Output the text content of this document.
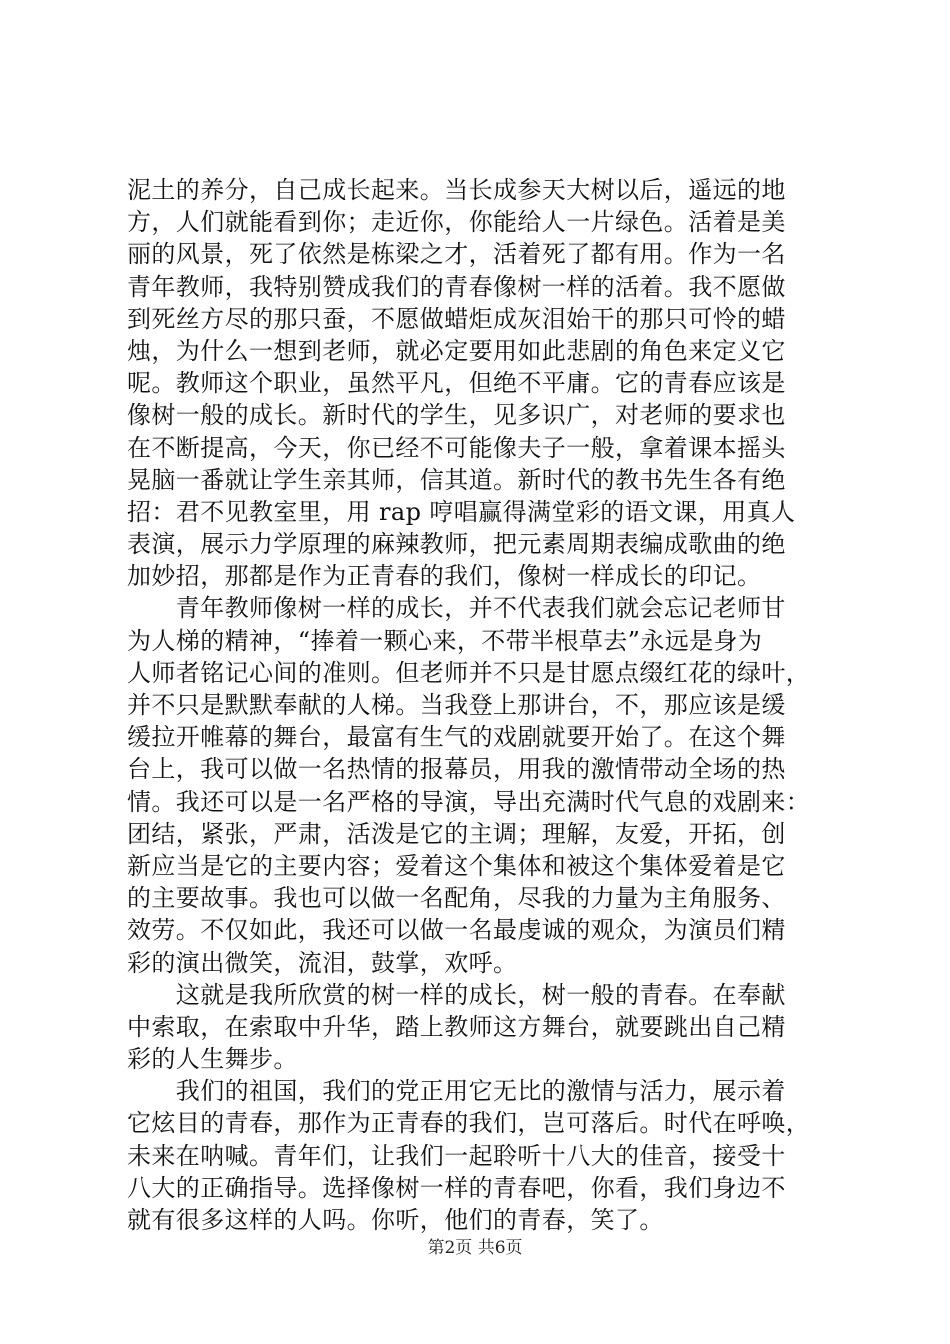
泥土的养分，自己成长起来。当长成参天大树以后，遥远的地
方，人们就能看到你；走近你，你能给人一片绿色。活着是美
丽的风景，死了依然是栋梁之才，活着死了都有用。作为一名
青年教师，我特别赞成我们的青春像树一样的活着。我不愿做
到死丝方尽的那只蚕，不愿做蜡炬成灰泪始干的那只可怜的蜡
烛，为什么一想到老师，就必定要用如此悲剧的角色来定义它
呢。教师这个职业，虽然平凡，但绝不平庸。它的青春应该是
像树一般的成长。新时代的学生，见多识广，对老师的要求也
在不断提高，今天，你已经不可能像夫子一般，拿着课本摇头
晃脑一番就让学生亲其师，信其道。新时代的教书先生各有绝
招：君不见教室里，用 rap 哼唱赢得满堂彩的语文课，用真人
表演，展示力学原理的麻辣教师，把元素周期表编成歌曲的绝
加妙招，那都是作为正青春的我们，像树一样成长的印记。
　　青年教师像树一样的成长，并不代表我们就会忘记老师甘
为人梯的精神，“捧着一颗心来，不带半根草去”永远是身为
人师者铭记心间的准则。但老师并不只是甘愿点缀红花的绿叶，
并不只是默默奉献的人梯。当我登上那讲台，不，那应该是缓
缓拉开帷幕的舞台，最富有生气的戏剧就要开始了。在这个舞
台上，我可以做一名热情的报幕员，用我的激情带动全场的热
情。我还可以是一名严格的导演，导出充满时代气息的戏剧来：
团结，紧张，严肃，活泼是它的主调；理解，友爱，开拓，创
新应当是它的主要内容；爱着这个集体和被这个集体爱着是它
的主要故事。我也可以做一名配角，尽我的力量为主角服务、
效劳。不仅如此，我还可以做一名最虔诚的观众，为演员们精
彩的演出微笑，流泪，鼓掌，欢呼。
　　这就是我所欣赏的树一样的成长，树一般的青春。在奉献
中索取，在索取中升华，踏上教师这方舞台，就要跳出自己精
彩的人生舞步。
　　我们的祖国，我们的党正用它无比的激情与活力，展示着
它炫目的青春，那作为正青春的我们，岂可落后。时代在呼唤，
未来在呐喊。青年们，让我们一起聆听十八大的佳音，接受十
八大的正确指导。选择像树一样的青春吧，你看，我们身边不
就有很多这样的人吗。你听，他们的青春，笑了。
第2页 共6页
